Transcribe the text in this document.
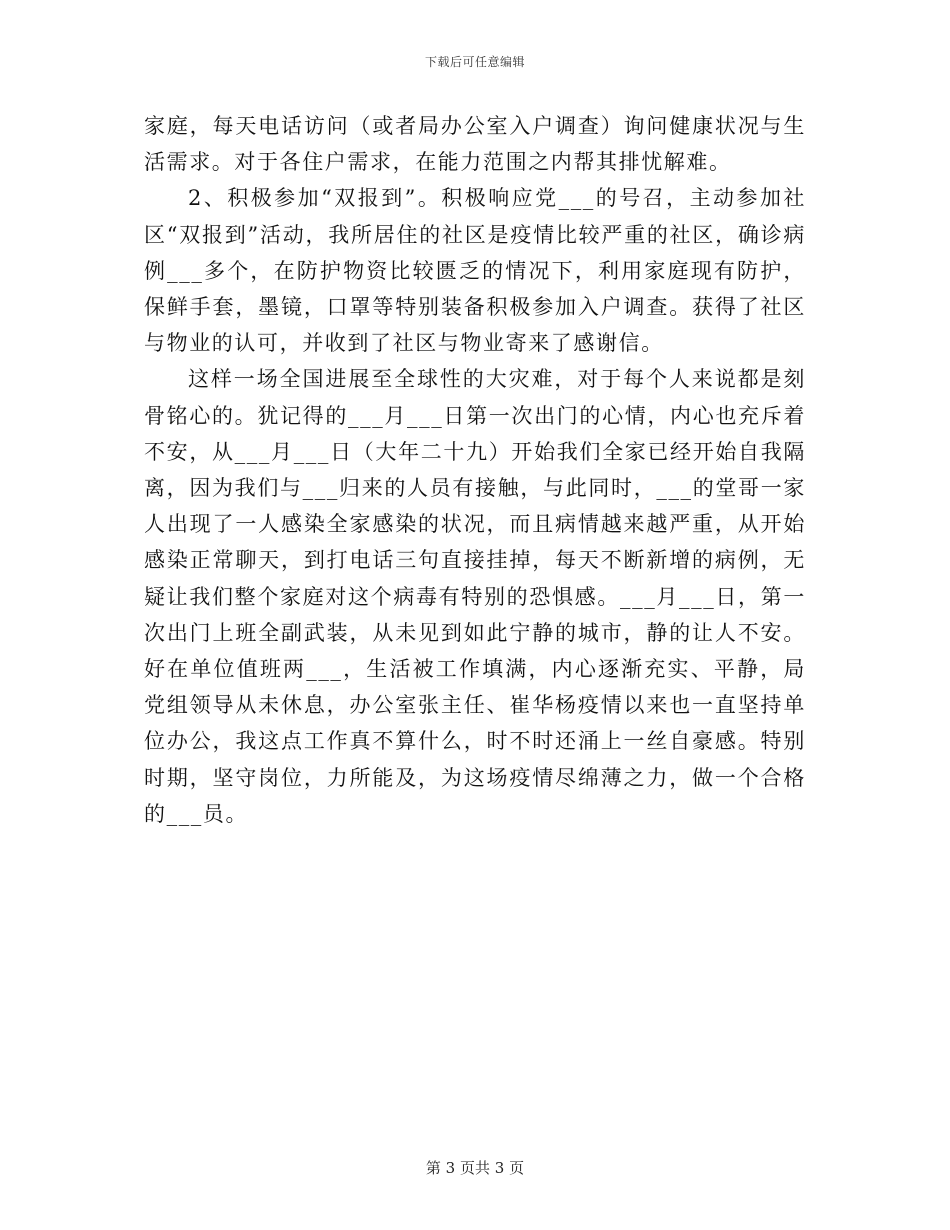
下载后可任意编辑

家庭，每天电话访问（或者局办公室入户调查）询问健康状况与生活需求。对于各住户需求，在能力范围之内帮其排忧解难。

2、积极参加“双报到”。积极响应党___的号召，主动参加社区“双报到”活动，我所居住的社区是疫情比较严重的社区，确诊病例___多个，在防护物资比较匮乏的情况下，利用家庭现有防护，保鲜手套，墨镜，口罩等特别装备积极参加入户调查。获得了社区与物业的认可，并收到了社区与物业寄来了感谢信。

这样一场全国进展至全球性的大灾难，对于每个人来说都是刻骨铭心的。犹记得的___月___日第一次出门的心情，内心也充斥着不安，从___月___日（大年二十九）开始我们全家已经开始自我隔离，因为我们与___归来的人员有接触，与此同时，___的堂哥一家人出现了一人感染全家感染的状况，而且病情越来越严重，从开始感染正常聊天，到打电话三句直接挂掉，每天不断新增的病例，无疑让我们整个家庭对这个病毒有特别的恐惧感。___月___日，第一次出门上班全副武装，从未见到如此宁静的城市，静的让人不安。好在单位值班两___，生活被工作填满，内心逐渐充实、平静，局党组领导从未休息，办公室张主任、崔华杨疫情以来也一直坚持单位办公，我这点工作真不算什么，时不时还涌上一丝自豪感。特别时期，坚守岗位，力所能及，为这场疫情尽绵薄之力，做一个合格的___员。

第 3 页共 3 页
